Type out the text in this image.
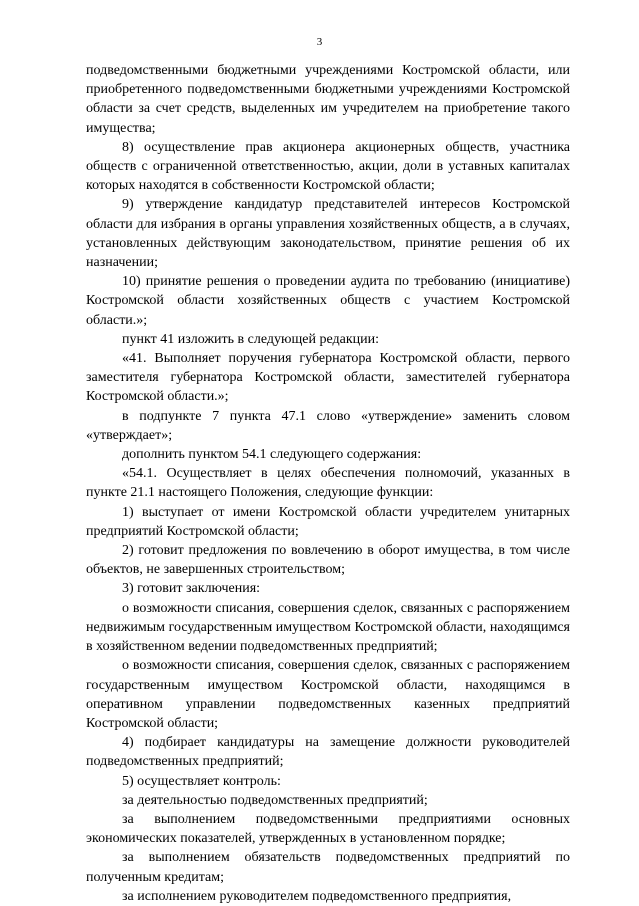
3

подведомственными бюджетными учреждениями Костромской области, или приобретенного подведомственными бюджетными учреждениями Костромской области за счет средств, выделенных им учредителем на приобретение такого имущества;

8) осуществление прав акционера акционерных обществ, участника обществ с ограниченной ответственностью, акции, доли в уставных капиталах которых находятся в собственности Костромской области;

9) утверждение кандидатур представителей интересов Костромской области для избрания в органы управления хозяйственных обществ, а в случаях, установленных действующим законодательством, принятие решения об их назначении;

10) принятие решения о проведении аудита по требованию (инициативе) Костромской области хозяйственных обществ с участием Костромской области.»;

пункт 41 изложить в следующей редакции:

«41. Выполняет поручения губернатора Костромской области, первого заместителя губернатора Костромской области, заместителей губернатора Костромской области.»;

в подпункте 7 пункта 47.1 слово «утверждение» заменить словом «утверждает»;

дополнить пунктом 54.1 следующего содержания:

«54.1. Осуществляет в целях обеспечения полномочий, указанных в пункте 21.1 настоящего Положения, следующие функции:

1) выступает от имени Костромской области учредителем унитарных предприятий Костромской области;

2) готовит предложения по вовлечению в оборот имущества, в том числе объектов, не завершенных строительством;

3) готовит заключения:

о возможности списания, совершения сделок, связанных с распоряжением недвижимым государственным имуществом Костромской области, находящимся в хозяйственном ведении подведомственных предприятий;

о возможности списания, совершения сделок, связанных с распоряжением государственным имуществом Костромской области, находящимся в оперативном управлении подведомственных казенных предприятий Костромской области;

4) подбирает кандидатуры на замещение должности руководителей подведомственных предприятий;

5) осуществляет контроль:

за деятельностью подведомственных предприятий;

за выполнением подведомственными предприятиями основных экономических показателей, утвержденных в установленном порядке;

за выполнением обязательств подведомственных предприятий по полученным кредитам;

за исполнением руководителем подведомственного предприятия,
